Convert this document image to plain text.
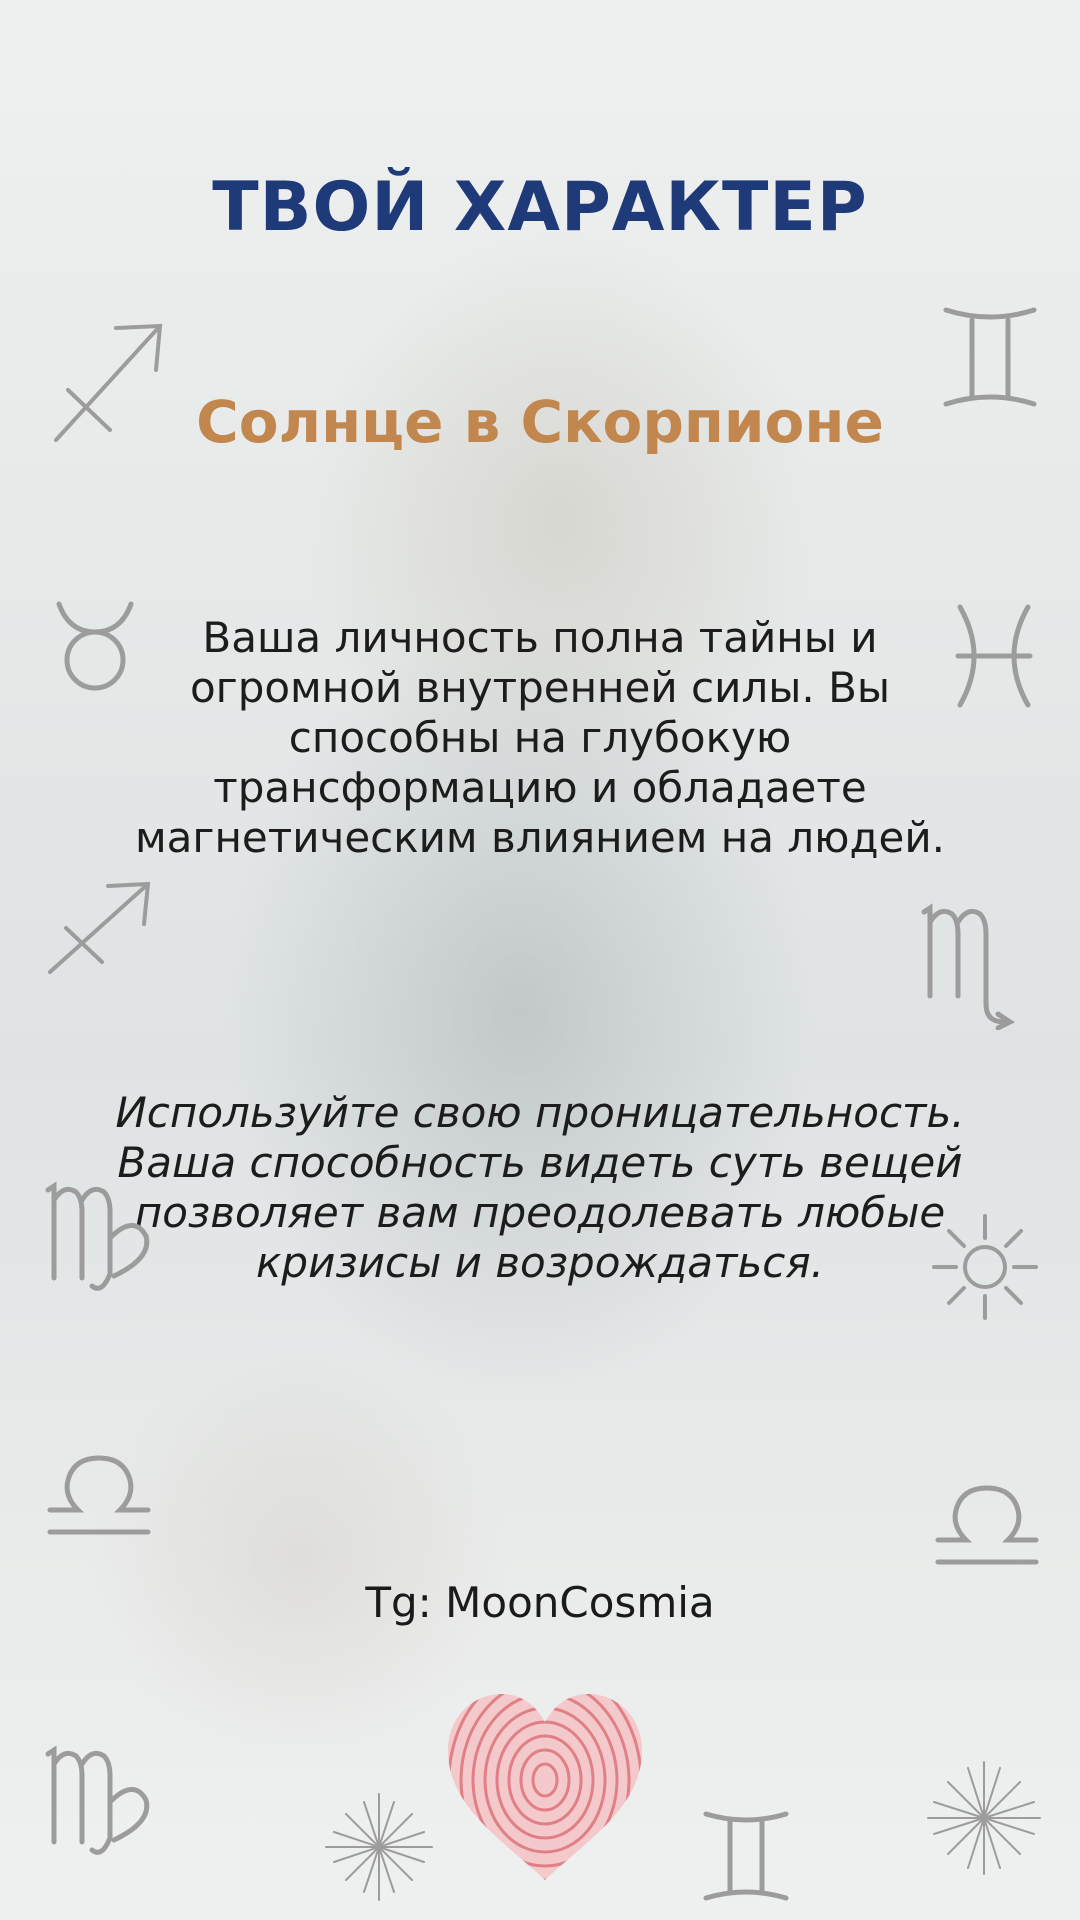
ТВОЙ ХАРАКТЕР
Солнце в Скорпионе

Ваша личность полна тайны и огромной внутренней силы. Вы способны на глубокую трансформацию и обладаете магнетическим влиянием на людей.

Используйте свою проницательность. Ваша способность видеть суть вещей позволяет вам преодолевать любые кризисы и возрождаться.

Tg: MoonCosmia
